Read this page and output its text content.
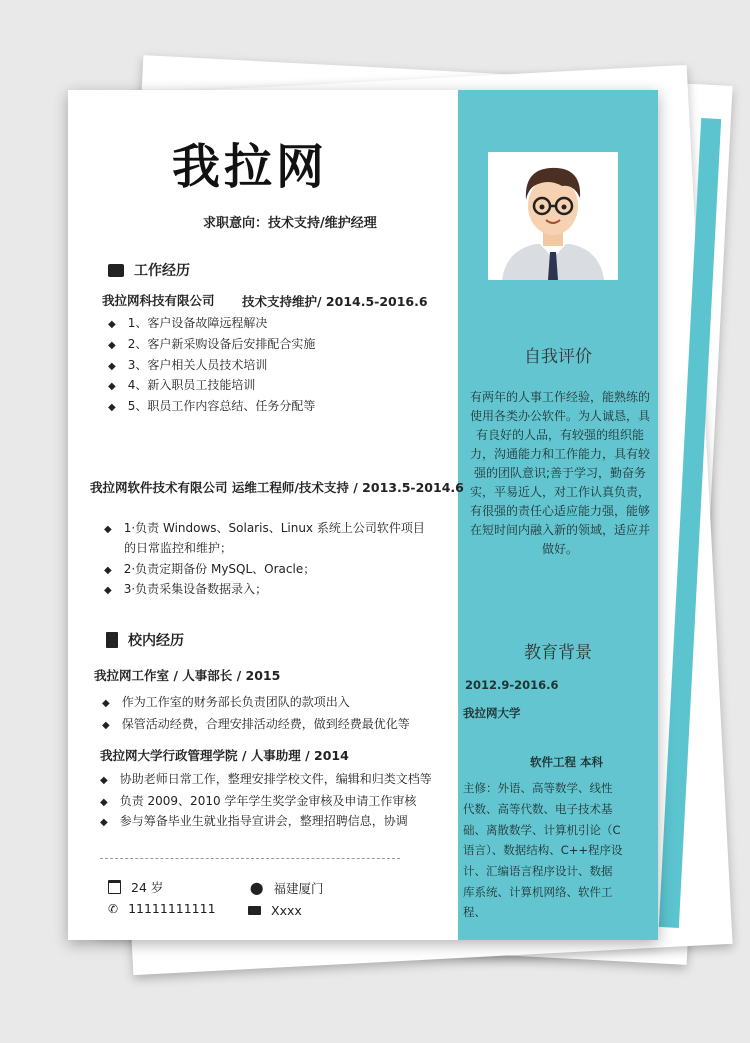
我拉网
求职意向：技术支持/维护经理
工作经历
我拉网科技有限公司 技术支持维护/ 2014.5-2016.6
◆ 1、客户设备故障远程解决
◆ 2、客户新采购设备后安排配合实施
◆ 3、客户相关人员技术培训
◆ 4、新入职员工技能培训
◆ 5、职员工作内容总结、任务分配等
我拉网软件技术有限公司 运维工程师/技术支持 / 2013.5-2014.6
◆ 1·负责 Windows、Solaris、Linux 系统上公司软件项目
的日常监控和维护；
◆ 2·负责定期备份 MySQL、Oracle；
◆ 3·负责采集设备数据录入；
校内经历
我拉网工作室 / 人事部长 / 2015
◆ 作为工作室的财务部长负责团队的款项出入
◆ 保管活动经费，合理安排活动经费，做到经费最优化等
我拉网大学行政管理学院 / 人事助理 / 2014
◆ 协助老师日常工作，整理安排学校文件，编辑和归类文档等
◆ 负责 2009、2010 学年学生奖学金审核及申请工作审核
◆ 参与筹备毕业生就业指导宣讲会，整理招聘信息，协调
24 岁	⬤ 福建厦门
✆ 11111111111	Xxxx
自我评价
有两年的人事工作经验，能熟练的使用各类办公软件。为人诚恳，具有良好的人品，有较强的组织能力，沟通能力和工作能力，具有较强的团队意识;善于学习，勤奋务实，平易近人，对工作认真负责，有很强的责任心适应能力强，能够在短时间内融入新的领域，适应并做好。
教育背景
2012.9-2016.6
我拉网大学
软件工程 本科
主修：外语、高等数学、线性
代数、高等代数、电子技术基
础、离散数学、计算机引论（C
语言）、数据结构、C++程序设
计、汇编语言程序设计、数据
库系统、计算机网络、软件工
程、
